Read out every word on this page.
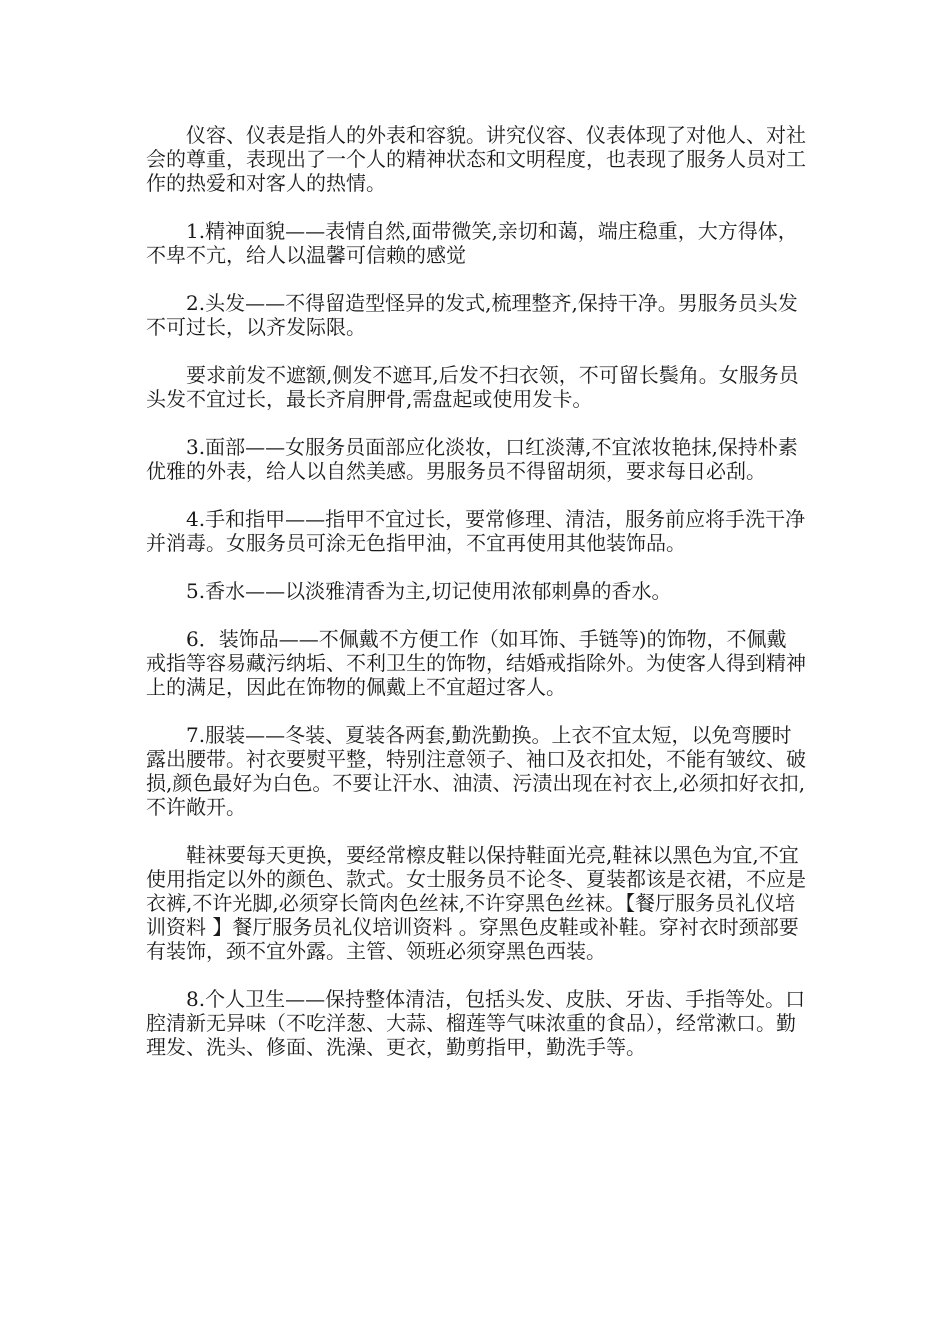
仪容、仪表是指人的外表和容貌。讲究仪容、仪表体现了对他人、对社会的尊重，表现出了一个人的精神状态和文明程度，也表现了服务人员对工作的热爱和对客人的热情。

1.精神面貌——表情自然,面带微笑,亲切和蔼，端庄稳重，大方得体，不卑不亢，给人以温馨可信赖的感觉

2.头发——不得留造型怪异的发式,梳理整齐,保持干净。男服务员头发不可过长，以齐发际限。

要求前发不遮额,侧发不遮耳,后发不扫衣领，不可留长鬓角。女服务员头发不宜过长，最长齐肩胛骨,需盘起或使用发卡。

3.面部——女服务员面部应化淡妆，口红淡薄,不宜浓妆艳抹,保持朴素优雅的外表，给人以自然美感。男服务员不得留胡须，要求每日必刮。

4.手和指甲——指甲不宜过长，要常修理、清洁，服务前应将手洗干净并消毒。女服务员可涂无色指甲油，不宜再使用其他装饰品。

5.香水——以淡雅清香为主,切记使用浓郁刺鼻的香水。

6．装饰品——不佩戴不方便工作（如耳饰、手链等)的饰物，不佩戴戒指等容易藏污纳垢、不利卫生的饰物，结婚戒指除外。为使客人得到精神上的满足，因此在饰物的佩戴上不宜超过客人。

7.服装——冬装、夏装各两套,勤洗勤换。上衣不宜太短，以免弯腰时露出腰带。衬衣要熨平整，特别注意领子、袖口及衣扣处，不能有皱纹、破损,颜色最好为白色。不要让汗水、油渍、污渍出现在衬衣上,必须扣好衣扣,不许敞开。

鞋袜要每天更换，要经常檫皮鞋以保持鞋面光亮,鞋袜以黑色为宜,不宜使用指定以外的颜色、款式。女士服务员不论冬、夏装都该是衣裙，不应是衣裤,不许光脚,必须穿长筒肉色丝袜,不许穿黑色丝袜。【餐厅服务员礼仪培训资料 】餐厅服务员礼仪培训资料 。穿黑色皮鞋或补鞋。穿衬衣时颈部要有装饰，颈不宜外露。主管、领班必须穿黑色西装。

8.个人卫生——保持整体清洁，包括头发、皮肤、牙齿、手指等处。口腔清新无异味（不吃洋葱、大蒜、榴莲等气味浓重的食品），经常漱口。勤理发、洗头、修面、洗澡、更衣，勤剪指甲，勤洗手等。
